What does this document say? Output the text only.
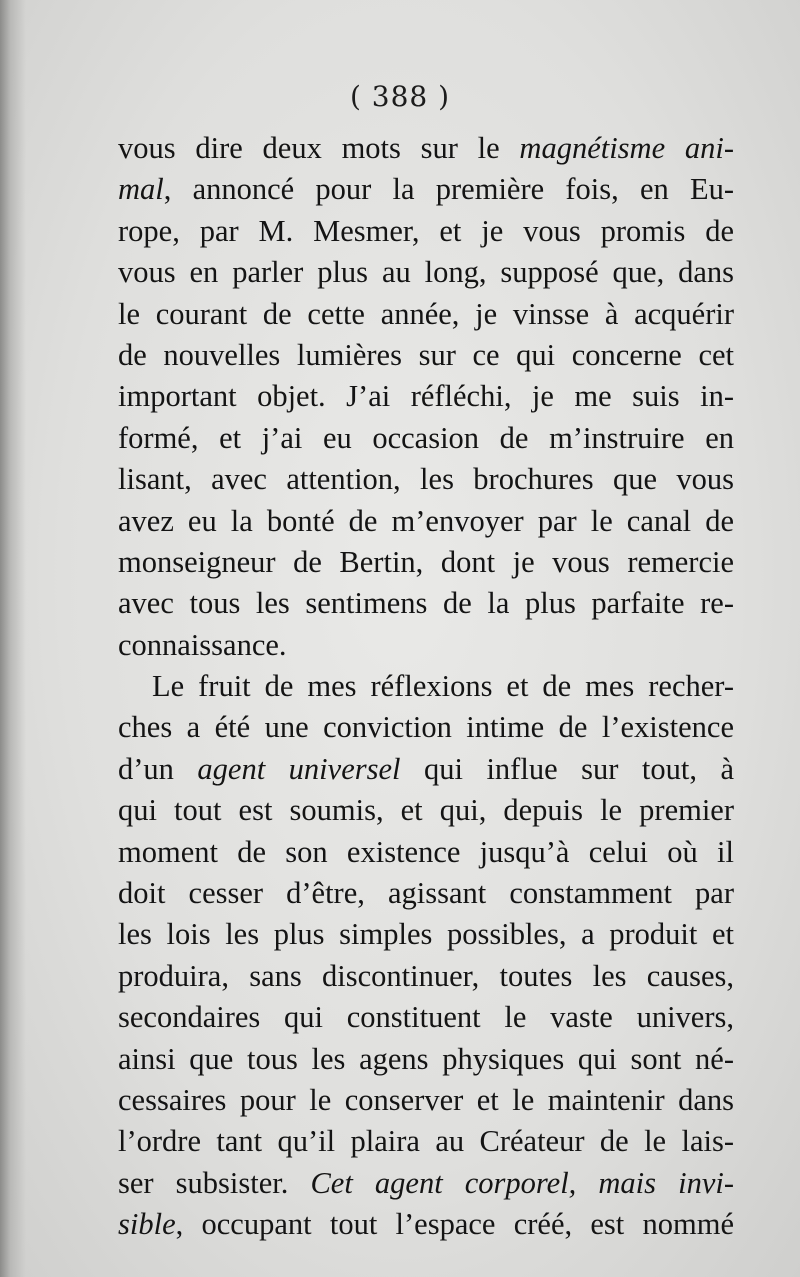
( 388 )
vous dire deux mots sur le magnétisme ani-
mal, annoncé pour la première fois, en Eu-
rope, par M. Mesmer, et je vous promis de
vous en parler plus au long, supposé que, dans
le courant de cette année, je vinsse à acquérir
de nouvelles lumières sur ce qui concerne cet
important objet. J’ai réfléchi, je me suis in-
formé, et j’ai eu occasion de m’instruire en
lisant, avec attention, les brochures que vous
avez eu la bonté de m’envoyer par le canal de
monseigneur de Bertin, dont je vous remercie
avec tous les sentimens de la plus parfaite re-
connaissance.
Le fruit de mes réflexions et de mes recher-
ches a été une conviction intime de l’existence
d’un agent universel qui influe sur tout, à
qui tout est soumis, et qui, depuis le premier
moment de son existence jusqu’à celui où il
doit cesser d’être, agissant constamment par
les lois les plus simples possibles, a produit et
produira, sans discontinuer, toutes les causes,
secondaires qui constituent le vaste univers,
ainsi que tous les agens physiques qui sont né-
cessaires pour le conserver et le maintenir dans
l’ordre tant qu’il plaira au Créateur de le lais-
ser subsister. Cet agent corporel, mais invi-
sible, occupant tout l’espace créé, est nommé
